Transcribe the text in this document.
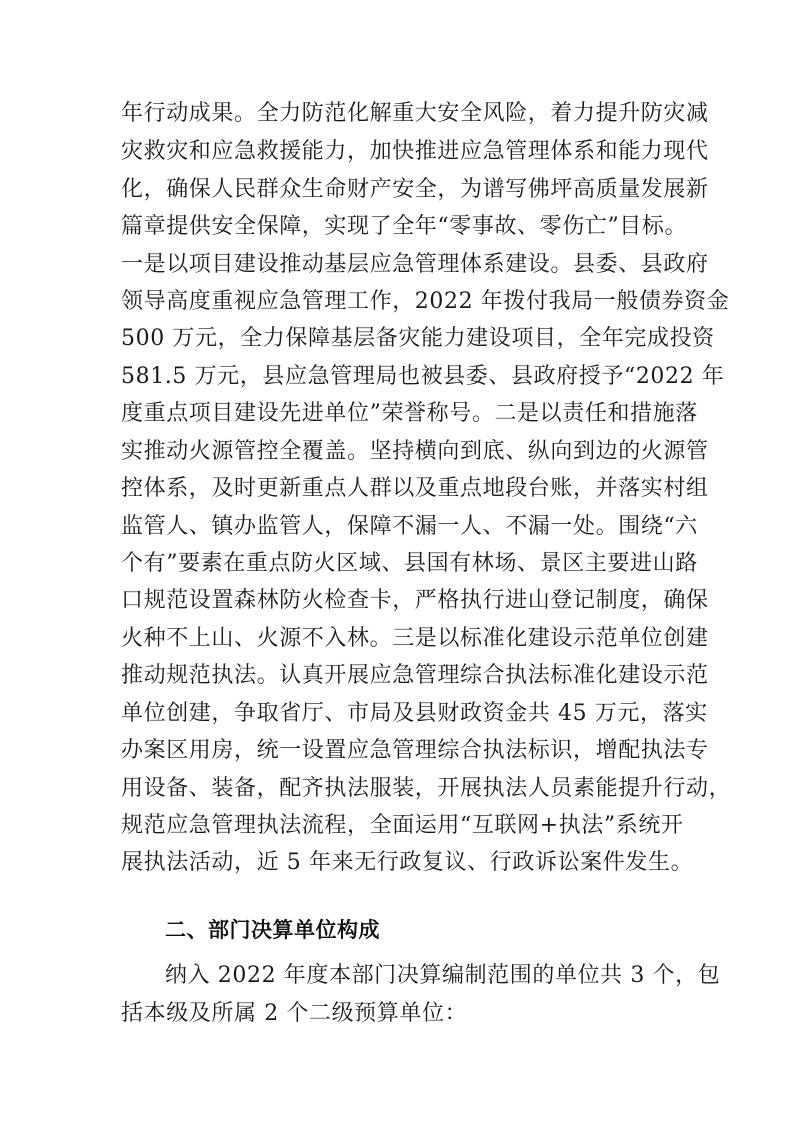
年行动成果。全力防范化解重大安全风险，着力提升防灾减
灾救灾和应急救援能力，加快推进应急管理体系和能力现代
化，确保人民群众生命财产安全，为谱写佛坪高质量发展新
篇章提供安全保障，实现了全年“零事故、零伤亡”目标。
一是以项目建设推动基层应急管理体系建设。县委、县政府
领导高度重视应急管理工作，2022 年拨付我局一般债券资金
500 万元，全力保障基层备灾能力建设项目，全年完成投资
581.5 万元，县应急管理局也被县委、县政府授予“2022 年
度重点项目建设先进单位”荣誉称号。二是以责任和措施落
实推动火源管控全覆盖。坚持横向到底、纵向到边的火源管
控体系，及时更新重点人群以及重点地段台账，并落实村组
监管人、镇办监管人，保障不漏一人、不漏一处。围绕“六
个有”要素在重点防火区域、县国有林场、景区主要进山路
口规范设置森林防火检查卡，严格执行进山登记制度，确保
火种不上山、火源不入林。三是以标准化建设示范单位创建
推动规范执法。认真开展应急管理综合执法标准化建设示范
单位创建，争取省厅、市局及县财政资金共 45 万元，落实
办案区用房，统一设置应急管理综合执法标识，增配执法专
用设备、装备，配齐执法服装，开展执法人员素能提升行动，
规范应急管理执法流程，全面运用“互联网+执法”系统开
展执法活动，近 5 年来无行政复议、行政诉讼案件发生。
二、部门决算单位构成
纳入 2022 年度本部门决算编制范围的单位共 3 个，包
括本级及所属 2 个二级预算单位：
